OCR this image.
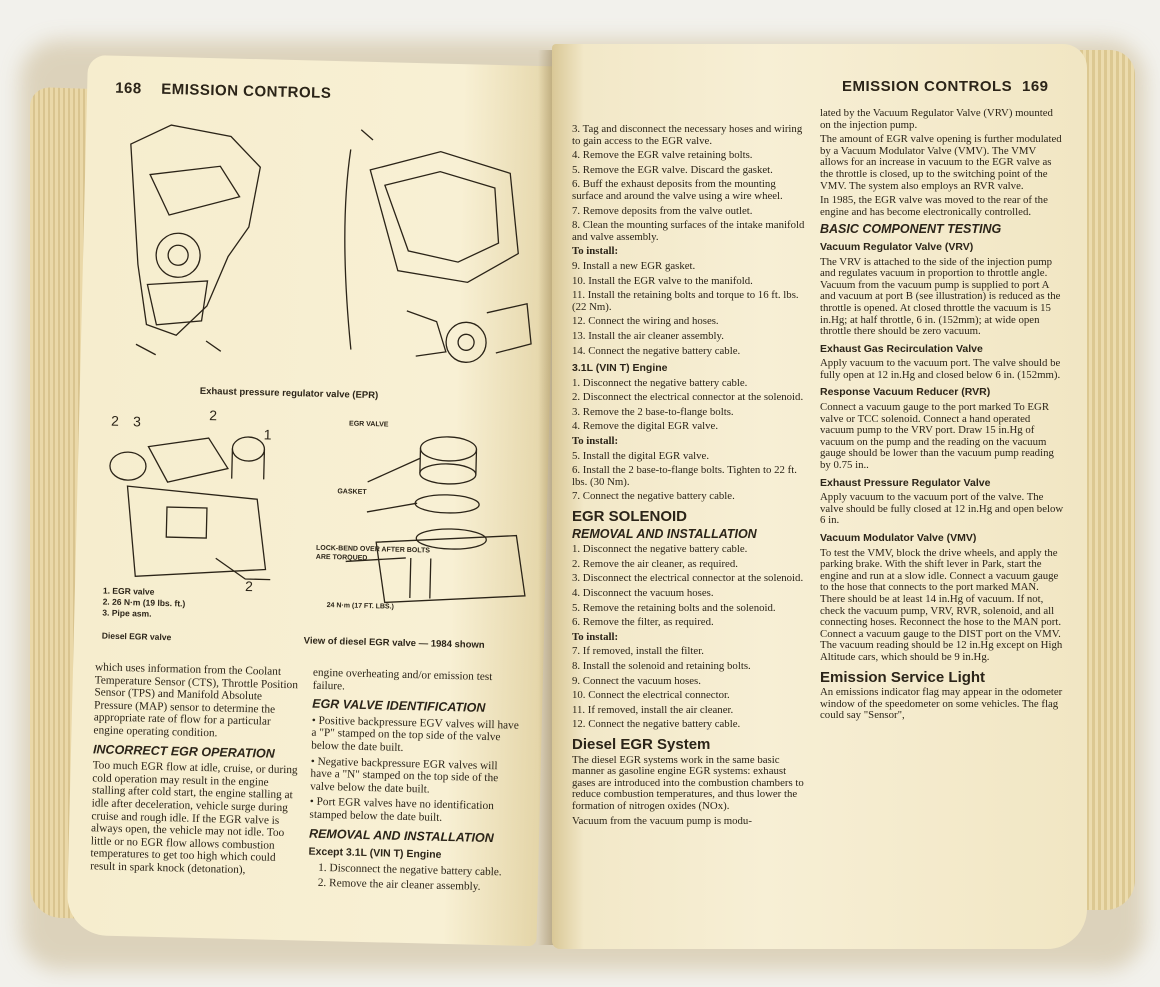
168 EMISSION CONTROLS
Exhaust pressure regulator valve (EPR)
2 3	2
1
2
1. EGR valve
2. 26 N·m (19 lbs. ft.)
3. Pipe asm.
Diesel EGR valve
EGR VALVE
GASKET
LOCK-BEND OVER AFTER BOLTS ARE TORQUED
24 N·m (17 FT. LBS.)
View of diesel EGR valve — 1984 shown

which uses information from the Coolant Temperature Sensor (CTS), Throttle Position Sensor (TPS) and Manifold Absolute Pressure (MAP) sensor to determine the appropriate rate of flow for a particular engine operating condition.

INCORRECT EGR OPERATION

Too much EGR flow at idle, cruise, or during cold operation may result in the engine stalling after cold start, the engine stalling at idle after deceleration, vehicle surge during cruise and rough idle. If the EGR valve is always open, the vehicle may not idle. Too little or no EGR flow allows combustion temperatures to get too high which could result in spark knock (detonation),

engine overheating and/or emission test failure.

EGR VALVE IDENTIFICATION

• Positive backpressure EGV valves will have a "P" stamped on the top side of the valve below the date built.

• Negative backpressure EGR valves will have a "N" stamped on the top side of the valve below the date built.

• Port EGR valves have no identification stamped below the date built.

REMOVAL AND INSTALLATION
Except 3.1L (VIN T) Engine

1. Disconnect the negative battery cable.

2. Remove the air cleaner assembly.

EMISSION CONTROLS 169

3. Tag and disconnect the necessary hoses and wiring to gain access to the EGR valve.

4. Remove the EGR valve retaining bolts.

5. Remove the EGR valve. Discard the gasket.

6. Buff the exhaust deposits from the mounting surface and around the valve using a wire wheel.

7. Remove deposits from the valve outlet.

8. Clean the mounting surfaces of the intake manifold and valve assembly.

To install:

9. Install a new EGR gasket.

10. Install the EGR valve to the manifold.

11. Install the retaining bolts and torque to 16 ft. lbs. (22 Nm).

12. Connect the wiring and hoses.

13. Install the air cleaner assembly.

14. Connect the negative battery cable.

3.1L (VIN T) Engine

1. Disconnect the negative battery cable.

2. Disconnect the electrical connector at the solenoid.

3. Remove the 2 base-to-flange bolts.

4. Remove the digital EGR valve.

To install:

5. Install the digital EGR valve.

6. Install the 2 base-to-flange bolts. Tighten to 22 ft. lbs. (30 Nm).

7. Connect the negative battery cable.

EGR SOLENOID
REMOVAL AND INSTALLATION

1. Disconnect the negative battery cable.

2. Remove the air cleaner, as required.

3. Disconnect the electrical connector at the solenoid.

4. Disconnect the vacuum hoses.

5. Remove the retaining bolts and the solenoid.

6. Remove the filter, as required.

To install:

7. If removed, install the filter.

8. Install the solenoid and retaining bolts.

9. Connect the vacuum hoses.

10. Connect the electrical connector.

11. If removed, install the air cleaner.

12. Connect the negative battery cable.

Diesel EGR System

The diesel EGR systems work in the same basic manner as gasoline engine EGR systems: exhaust gases are introduced into the combustion chambers to reduce combustion temperatures, and thus lower the formation of nitrogen oxides (NOx).

Vacuum from the vacuum pump is modu-

lated by the Vacuum Regulator Valve (VRV) mounted on the injection pump.

The amount of EGR valve opening is further modulated by a Vacuum Modulator Valve (VMV). The VMV allows for an increase in vacuum to the EGR valve as the throttle is closed, up to the switching point of the VMV. The system also employs an RVR valve.

In 1985, the EGR valve was moved to the rear of the engine and has become electronically controlled.

BASIC COMPONENT TESTING
Vacuum Regulator Valve (VRV)

The VRV is attached to the side of the injection pump and regulates vacuum in proportion to throttle angle. Vacuum from the vacuum pump is supplied to port A and vacuum at port B (see illustration) is reduced as the throttle is opened. At closed throttle the vacuum is 15 in.Hg; at half throttle, 6 in. (152mm); at wide open throttle there should be zero vacuum.

Exhaust Gas Recirculation Valve

Apply vacuum to the vacuum port. The valve should be fully open at 12 in.Hg and closed below 6 in. (152mm).

Response Vacuum Reducer (RVR)

Connect a vacuum gauge to the port marked To EGR valve or TCC solenoid. Connect a hand operated vacuum pump to the VRV port. Draw 15 in.Hg of vacuum on the pump and the reading on the vacuum gauge should be lower than the vacuum pump reading by 0.75 in..

Exhaust Pressure Regulator Valve

Apply vacuum to the vacuum port of the valve. The valve should be fully closed at 12 in.Hg and open below 6 in.

Vacuum Modulator Valve (VMV)

To test the VMV, block the drive wheels, and apply the parking brake. With the shift lever in Park, start the engine and run at a slow idle. Connect a vacuum gauge to the hose that connects to the port marked MAN. There should be at least 14 in.Hg of vacuum. If not, check the vacuum pump, VRV, RVR, solenoid, and all connecting hoses. Reconnect the hose to the MAN port. Connect a vacuum gauge to the DIST port on the VMV. The vacuum reading should be 12 in.Hg except on High Altitude cars, which should be 9 in.Hg.

Emission Service Light

An emissions indicator flag may appear in the odometer window of the speedometer on some vehicles. The flag could say "Sensor",
